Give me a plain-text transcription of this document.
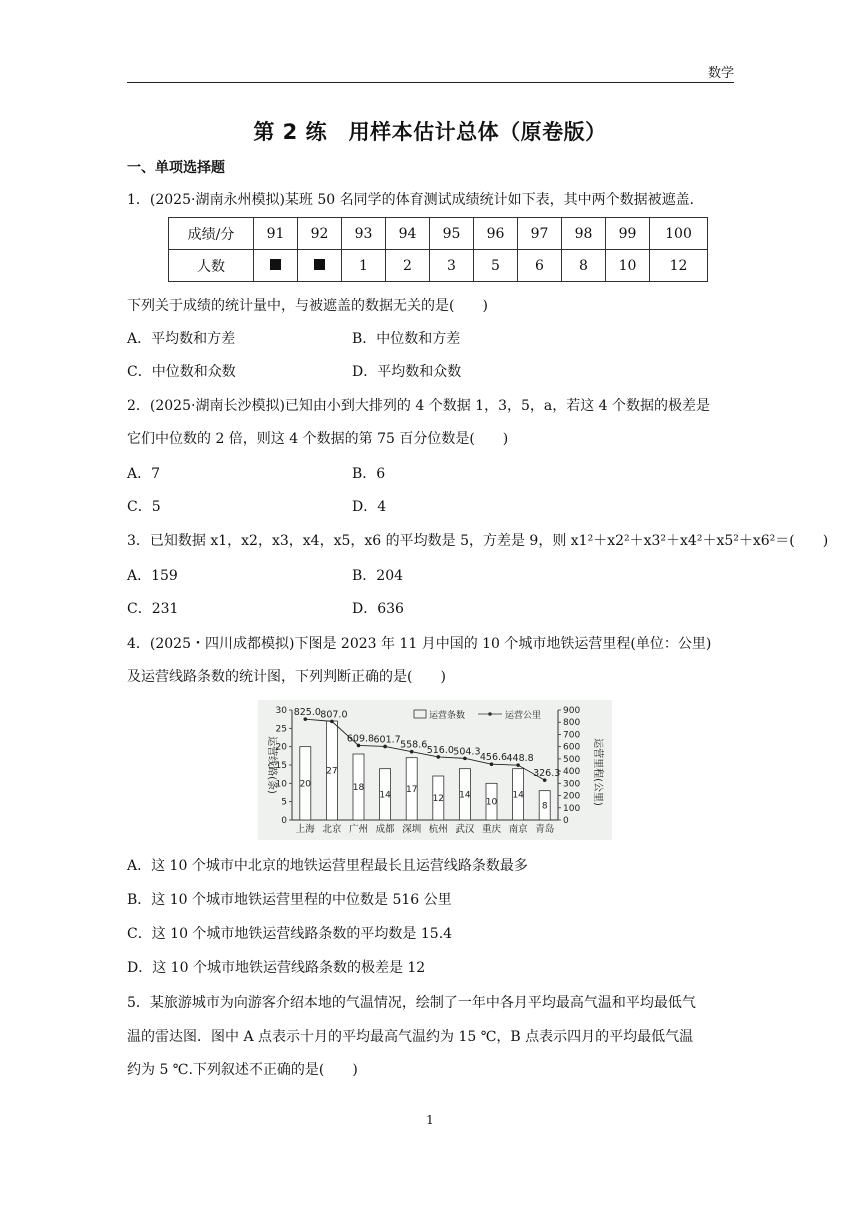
数学
第 2 练　用样本估计总体（原卷版）
一、单项选择题
1．(2025·湖南永州模拟)某班 50 名同学的体育测试成绩统计如下表，其中两个数据被遮盖．
成绩/分	91	92	93	94	95	96	97	98	99	100
人数			1	2	3	5	6	8	10	12
下列关于成绩的统计量中，与被遮盖的数据无关的是(　　)
A．平均数和方差	B．中位数和方差
C．中位数和众数	D．平均数和众数
2．(2025·湖南长沙模拟)已知由小到大排列的 4 个数据 1，3，5，a，若这 4 个数据的极差是
它们中位数的 2 倍，则这 4 个数据的第 75 百分位数是(　　)
A．7	B．6
C．5	D．4
3．已知数据 x1，x2，x3，x4，x5，x6 的平均数是 5，方差是 9，则 x1²＋x2²＋x3²＋x4²＋x5²＋x6²＝(　　)
A．159	B．204
C．231	D．636
4．(2025・四川成都模拟)下图是 2023 年 11 月中国的 10 个城市地铁运营里程(单位：公里)
及运营线路条数的统计图，下列判断正确的是(　　)
运营线路(条)	运营里程(公里)
运营条数	运营公里
0
5
10
15
20
25
30
0
100
200
300
400
500
600
700
800
900
20
上海
27
北京
18
广州
14
成都
17
深圳
12
杭州
14
武汉
10
重庆
14
南京
8
青岛
825.0 807.0
609.8 601.7 558.6 516.0 504.3
456.6 448.8
326.3
A．这 10 个城市中北京的地铁运营里程最长且运营线路条数最多
B．这 10 个城市地铁运营里程的中位数是 516 公里
C．这 10 个城市地铁运营线路条数的平均数是 15.4
D．这 10 个城市地铁运营线路条数的极差是 12
5．某旅游城市为向游客介绍本地的气温情况，绘制了一年中各月平均最高气温和平均最低气
温的雷达图．图中 A 点表示十月的平均最高气温约为 15 ℃，B 点表示四月的平均最低气温
约为 5 ℃.下列叙述不正确的是(　　)
1
